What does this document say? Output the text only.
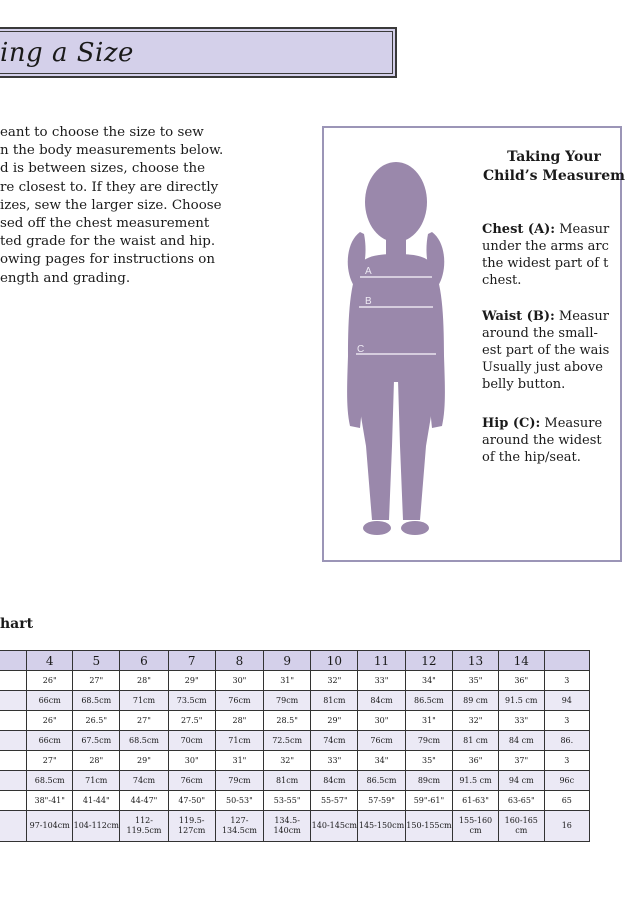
ing a Size
eant to choose the size to sew
n the body measurements below.
d is between sizes, choose the
re closest to. If they are directly
izes, sew the larger size. Choose
sed off the chest measurement
ted grade for the waist and hip.
owing pages for instructions on
ength and grading.	A
B
C
Taking Your
Child’s Measurem
Chest (A): Measur
under the arms arc
the widest part of t
chest.
Waist (B): Measur
around the small-
est part of the wais
Usually just above
belly button.
Hip (C): Measure
around the widest
of the hip/seat.
hart
	4	5	6	7	8	9	10	11	12	13	14	
	26"	27"	28"	29"	30"	31"	32"	33"	34"	35"	36"	3
	66cm	68.5cm	71cm	73.5cm	76cm	79cm	81cm	84cm	86.5cm	89 cm	91.5 cm	94
	26"	26.5"	27"	27.5"	28"	28.5"	29"	30"	31"	32"	33"	3
	66cm	67.5cm	68.5cm	70cm	71cm	72.5cm	74cm	76cm	79cm	81 cm	84 cm	86.
	27"	28"	29"	30"	31"	32"	33"	34"	35"	36"	37"	3
	68.5cm	71cm	74cm	76cm	79cm	81cm	84cm	86.5cm	89cm	91.5 cm	94 cm	96c
	38"-41"	41-44"	44-47"	47-50"	50-53"	53-55"	55-57"	57-59"	59"-61"	61-63"	63-65"	65
	97-104cm	104-112cm	112-119.5cm	119.5-127cm	127-134.5cm	134.5-140cm	140-145cm	145-150cm	150-155cm	155-160 cm	160-165 cm	16
